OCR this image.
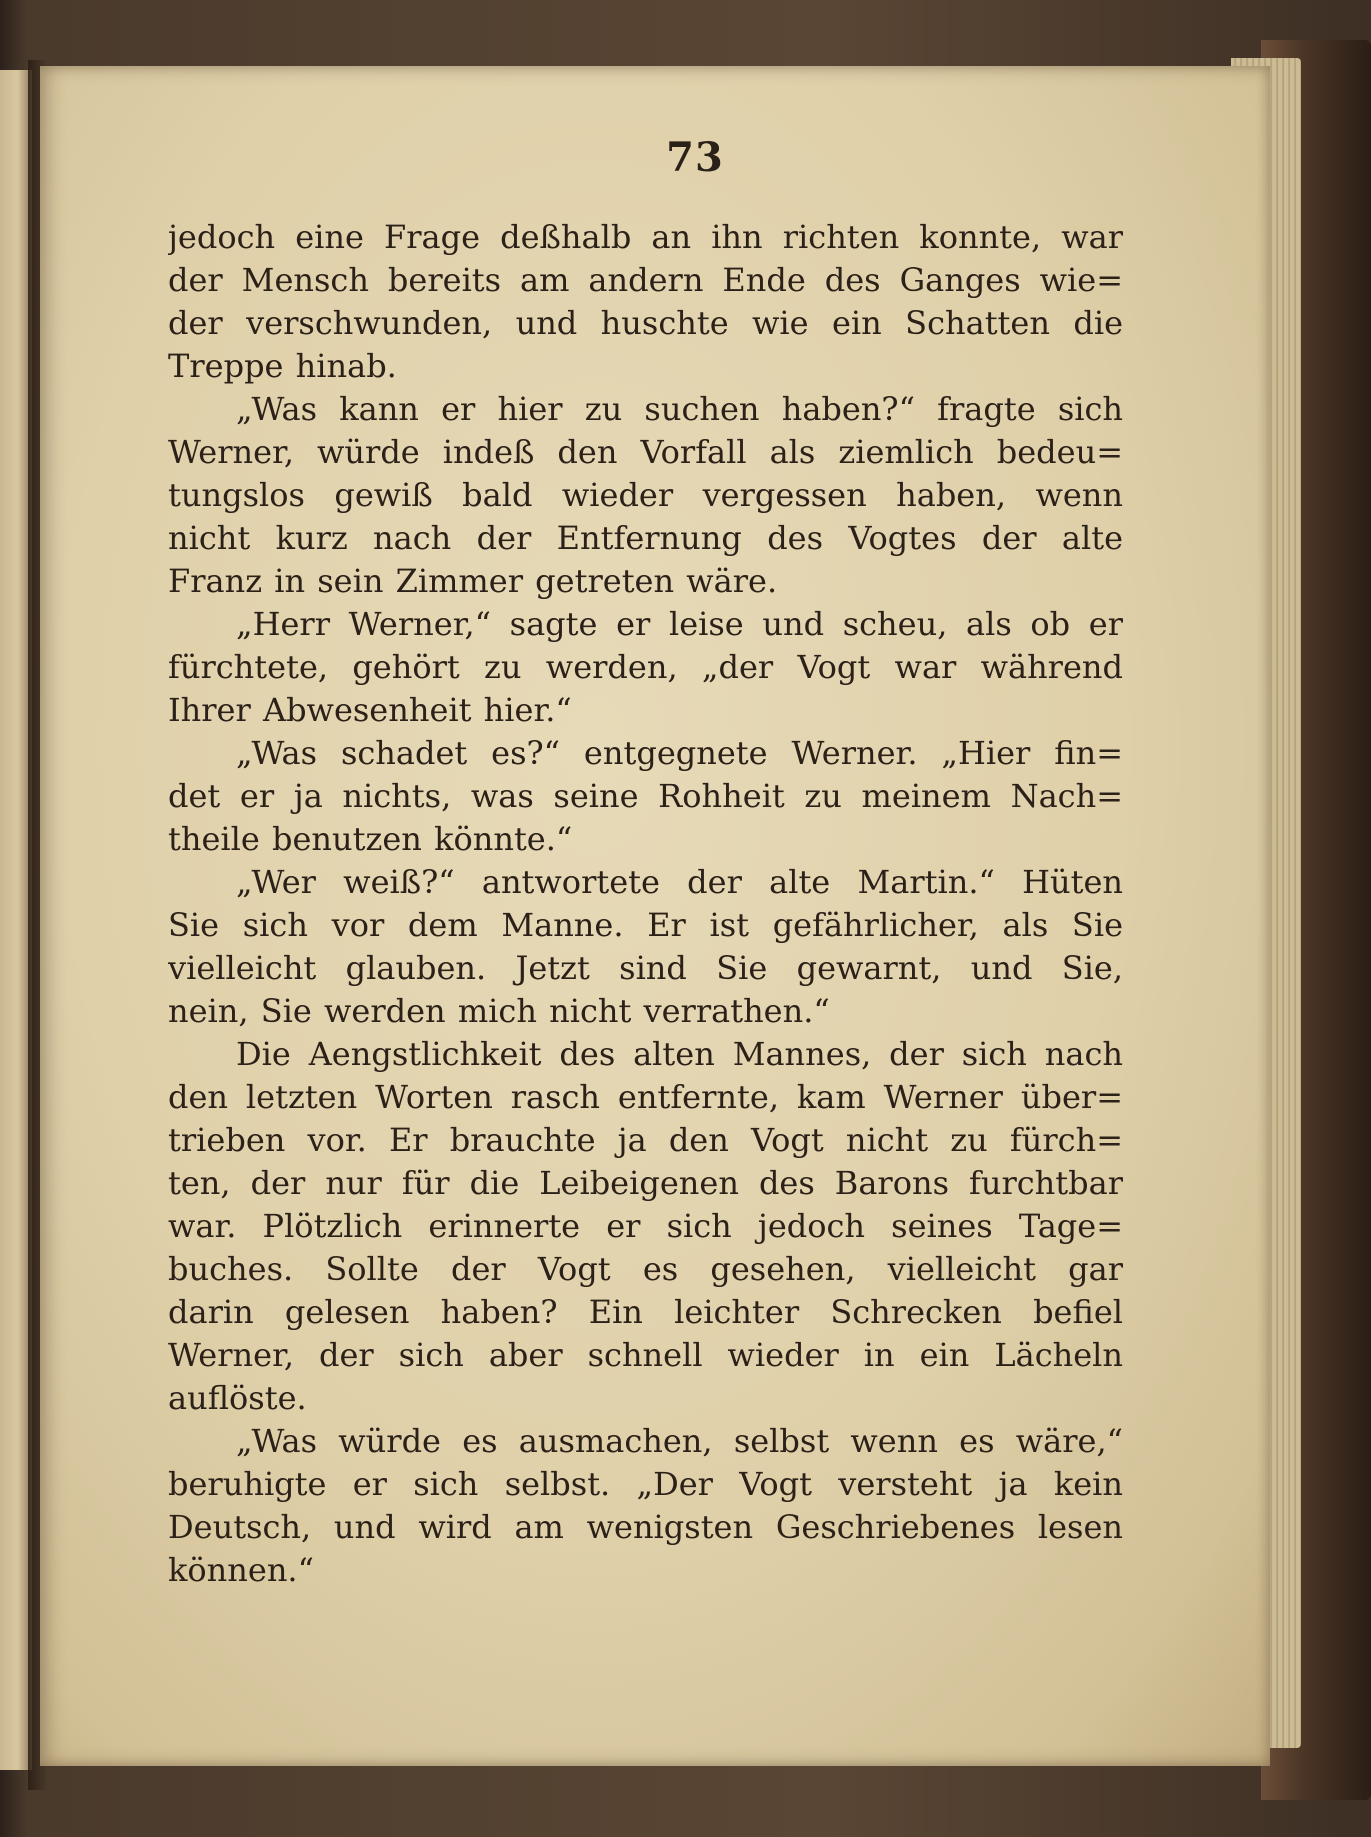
73
jedoch eine Frage deßhalb an ihn richten konnte, war
der Mensch bereits am andern Ende des Ganges wie=
der verschwunden, und huschte wie ein Schatten die
Treppe hinab.
„Was kann er hier zu suchen haben?“ fragte sich
Werner, würde indeß den Vorfall als ziemlich bedeu=
tungslos gewiß bald wieder vergessen haben, wenn
nicht kurz nach der Entfernung des Vogtes der alte
Franz in sein Zimmer getreten wäre.
„Herr Werner,“ sagte er leise und scheu, als ob er
fürchtete, gehört zu werden, „der Vogt war während
Ihrer Abwesenheit hier.“
„Was schadet es?“ entgegnete Werner. „Hier fin=
det er ja nichts, was seine Rohheit zu meinem Nach=
theile benutzen könnte.“
„Wer weiß?“ antwortete der alte Martin.“ Hüten
Sie sich vor dem Manne. Er ist gefährlicher, als Sie
vielleicht glauben. Jetzt sind Sie gewarnt, und Sie,
nein, Sie werden mich nicht verrathen.“
Die Aengstlichkeit des alten Mannes, der sich nach
den letzten Worten rasch entfernte, kam Werner über=
trieben vor. Er brauchte ja den Vogt nicht zu fürch=
ten, der nur für die Leibeigenen des Barons furchtbar
war. Plötzlich erinnerte er sich jedoch seines Tage=
buches. Sollte der Vogt es gesehen, vielleicht gar
darin gelesen haben? Ein leichter Schrecken befiel
Werner, der sich aber schnell wieder in ein Lächeln
auflöste.
„Was würde es ausmachen, selbst wenn es wäre,“
beruhigte er sich selbst. „Der Vogt versteht ja kein
Deutsch, und wird am wenigsten Geschriebenes lesen
können.“
